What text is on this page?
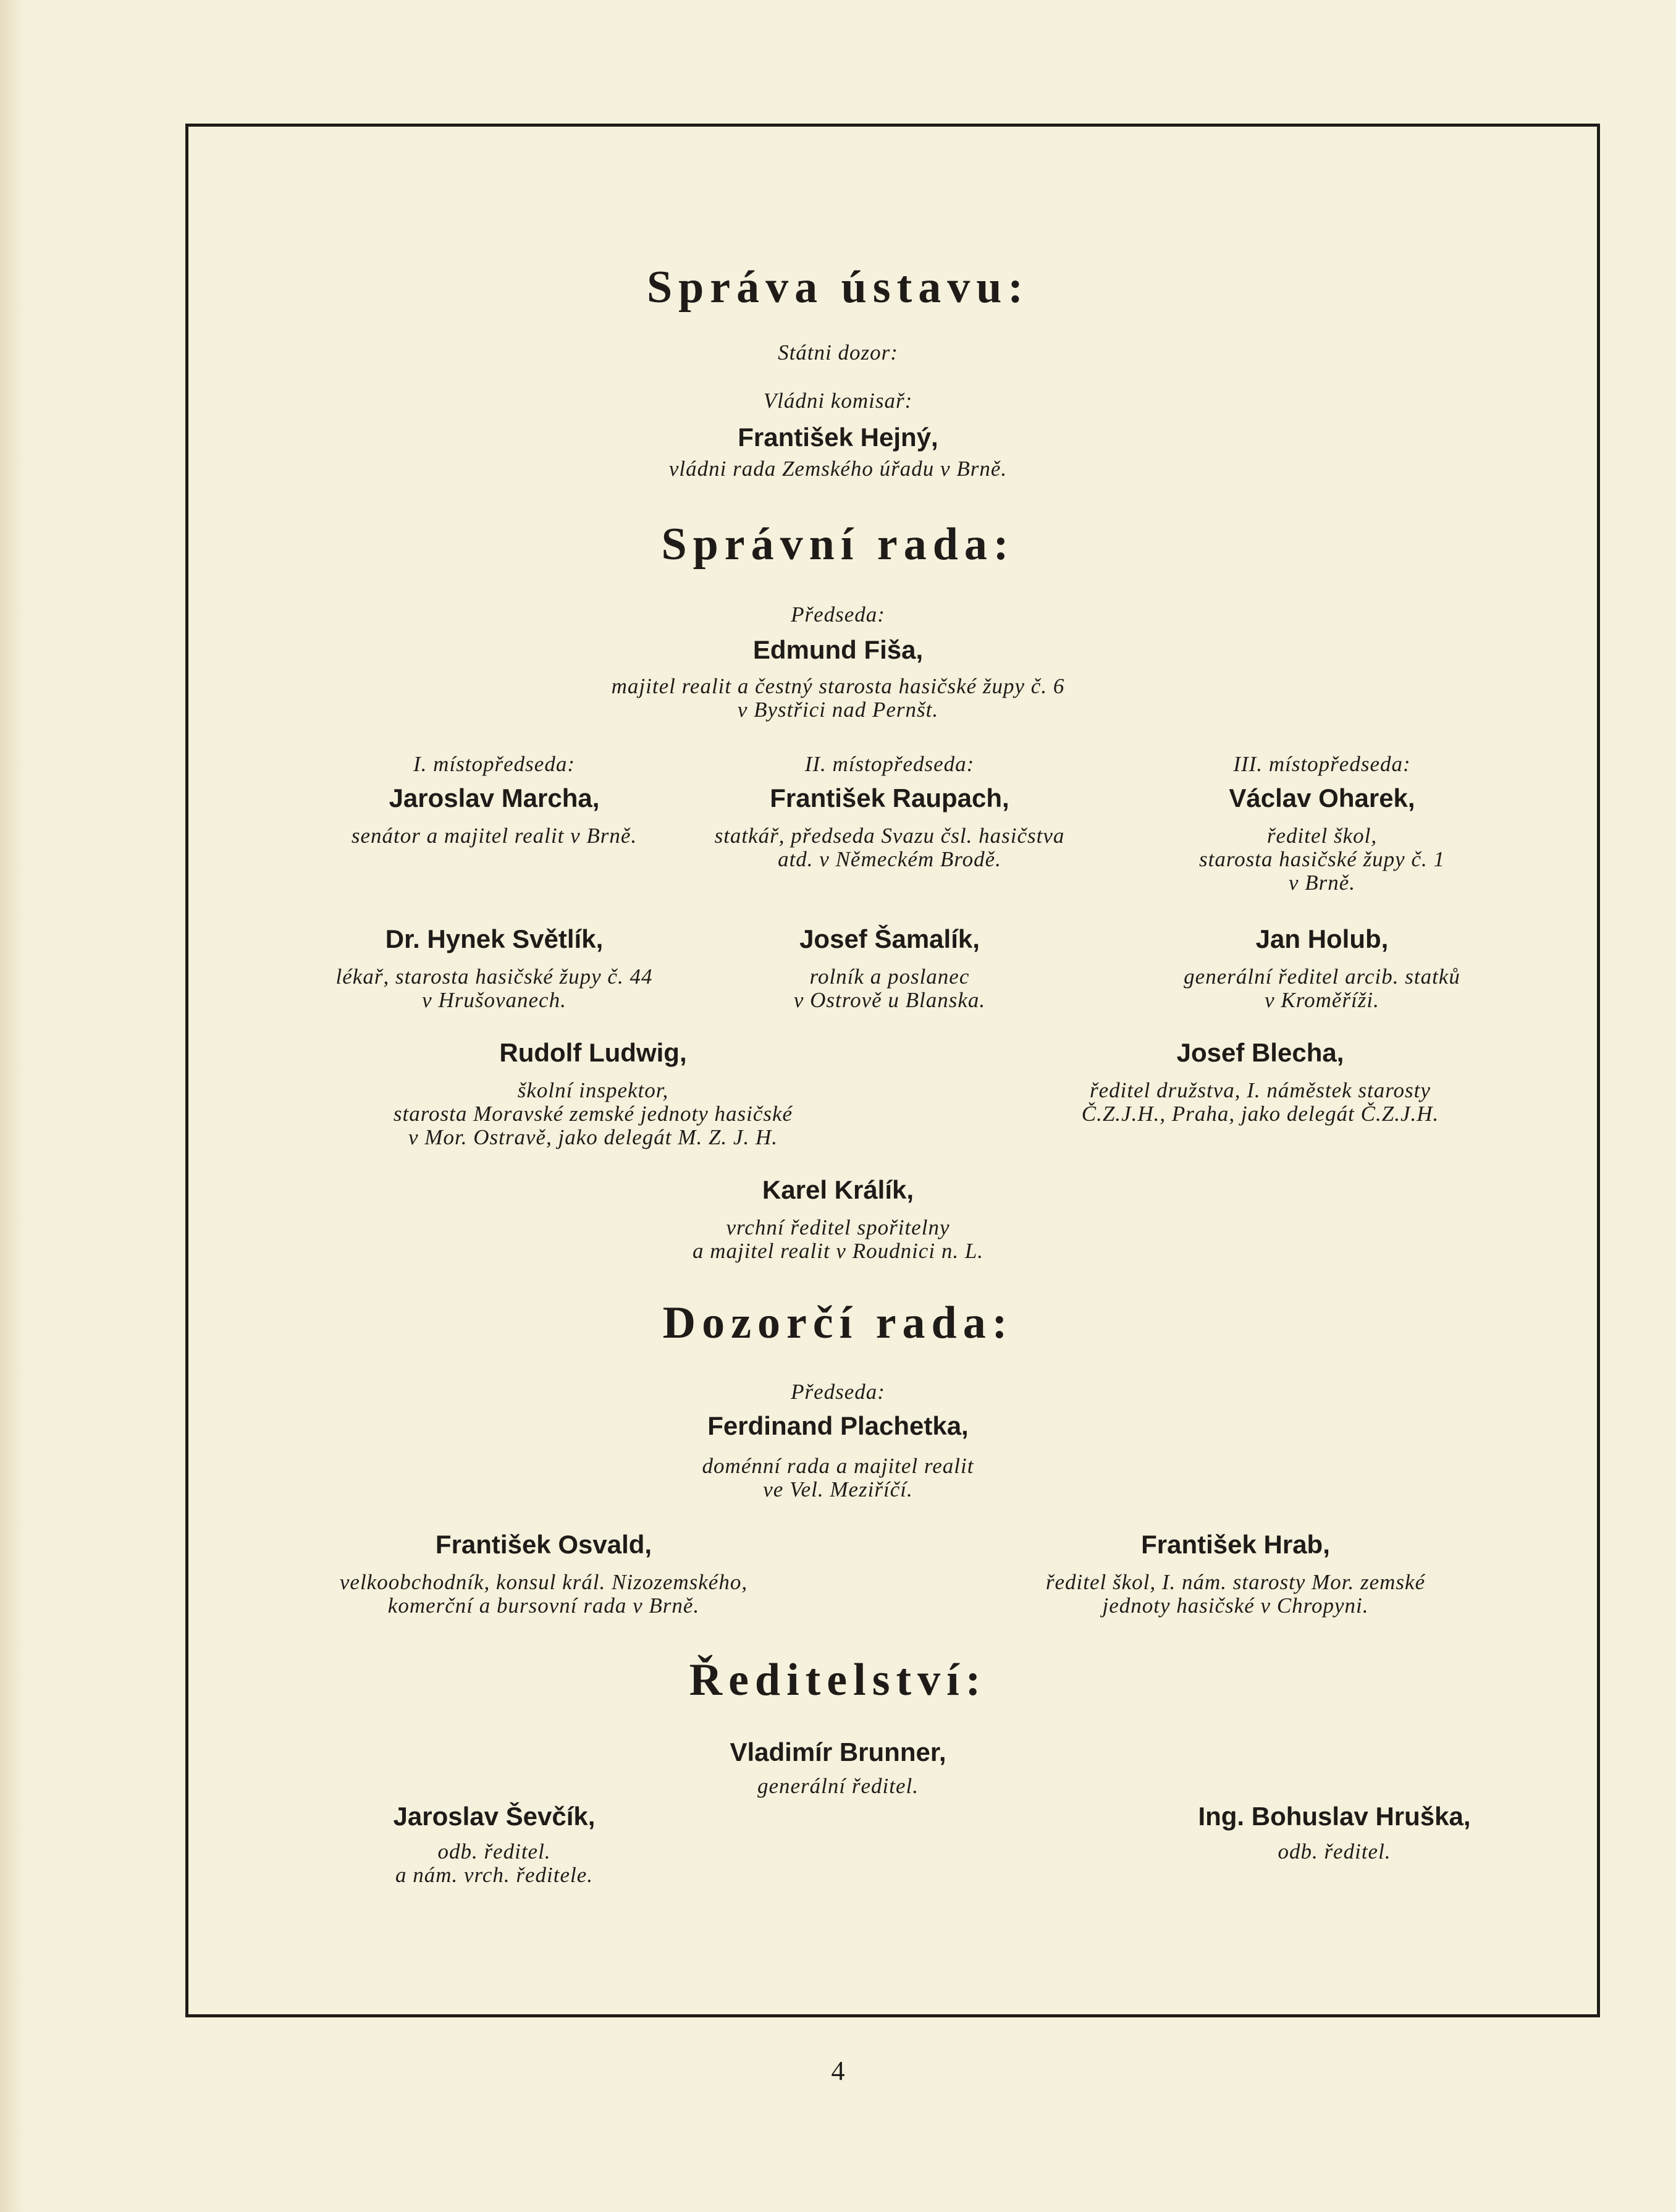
Správa ústavu:
Státni dozor:
Vládni komisař:
František Hejný,
vládni rada Zemského úřadu v Brně.
Správní rada:
Předseda:
Edmund Fiša,
majitel realit a čestný starosta hasičské župy č. 6
v Bystřici nad Pernšt.
I. místopředseda:
Jaroslav Marcha,
senátor a majitel realit v Brně.
II. místopředseda:
František Raupach,
statkář, předseda Svazu čsl. hasičstva
atd. v Německém Brodě.
III. místopředseda:
Václav Oharek,
ředitel škol,
starosta hasičské župy č. 1
v Brně.
Dr. Hynek Světlík,
lékař, starosta hasičské župy č. 44
v Hrušovanech.
Josef Šamalík,
rolník a poslanec
v Ostrově u Blanska.
Jan Holub,
generální ředitel arcib. statků
v Kroměříži.
Rudolf Ludwig,
školní inspektor,
starosta Moravské zemské jednoty hasičské
v Mor. Ostravě, jako delegát M. Z. J. H.
Josef Blecha,
ředitel družstva, I. náměstek starosty
Č.Z.J.H., Praha, jako delegát Č.Z.J.H.
Karel Králík,
vrchní ředitel spořitelny
a majitel realit v Roudnici n. L.
Dozorčí rada:
Předseda:
Ferdinand Plachetka,
doménní rada a majitel realit
ve Vel. Meziříčí.
František Osvald,
velkoobchodník, konsul král. Nizozemského,
komerční a bursovní rada v Brně.
František Hrab,
ředitel škol, I. nám. starosty Mor. zemské
jednoty hasičské v Chropyni.
Ředitelství:
Vladimír Brunner,
generální ředitel.
Jaroslav Ševčík,
odb. ředitel.
a nám. vrch. ředitele.
Ing. Bohuslav Hruška,
odb. ředitel.
4
